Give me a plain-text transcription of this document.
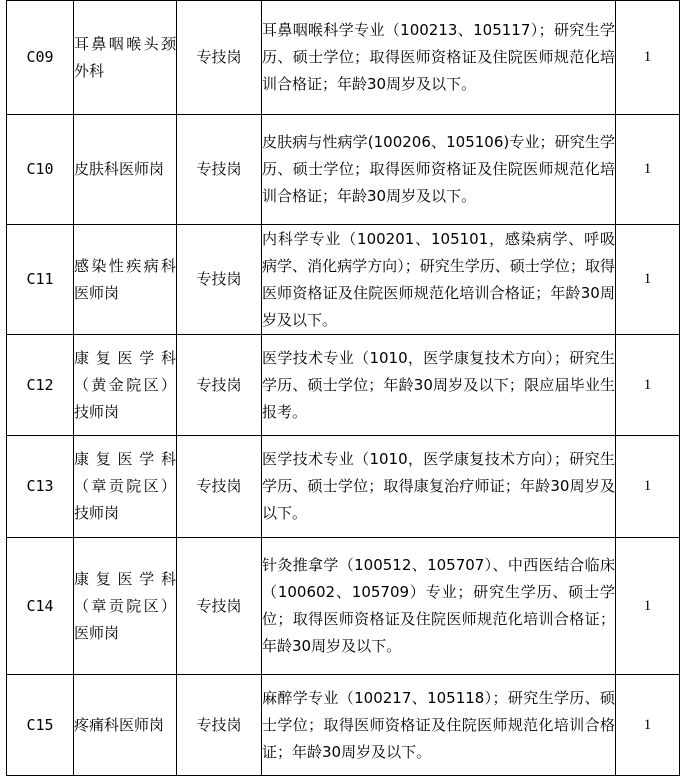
C09	耳鼻咽喉头颈外科	专技岗	耳鼻咽喉科学专业（100213、105117）；研究生学历、硕士学位；取得医师资格证及住院医师规范化培训合格证；年龄30周岁及以下。	1
C10	皮肤科医师岗	专技岗	皮肤病与性病学(100206、105106)专业；研究生学历、硕士学位；取得医师资格证及住院医师规范化培训合格证；年龄30周岁及以下。	1
C11	感染性疾病科医师岗	专技岗	内科学专业（100201、105101，感染病学、呼吸病学、消化病学方向）；研究生学历、硕士学位；取得医师资格证及住院医师规范化培训合格证；年龄30周岁及以下。	1
C12	康复医学科（黄金院区）技师岗	专技岗	医学技术专业（1010，医学康复技术方向）；研究生学历、硕士学位；年龄30周岁及以下；限应届毕业生报考。	1
C13	康复医学科（章贡院区）技师岗	专技岗	医学技术专业（1010，医学康复技术方向）；研究生学历、硕士学位；取得康复治疗师证；年龄30周岁及以下。	1
C14	康复医学科（章贡院区）医师岗	专技岗	针灸推拿学（100512、105707）、中西医结合临床（100602、105709）专业；研究生学历、硕士学位；取得医师资格证及住院医师规范化培训合格证；年龄30周岁及以下。	1
C15	疼痛科医师岗	专技岗	麻醉学专业（100217、105118）；研究生学历、硕士学位；取得医师资格证及住院医师规范化培训合格证；年龄30周岁及以下。	1
